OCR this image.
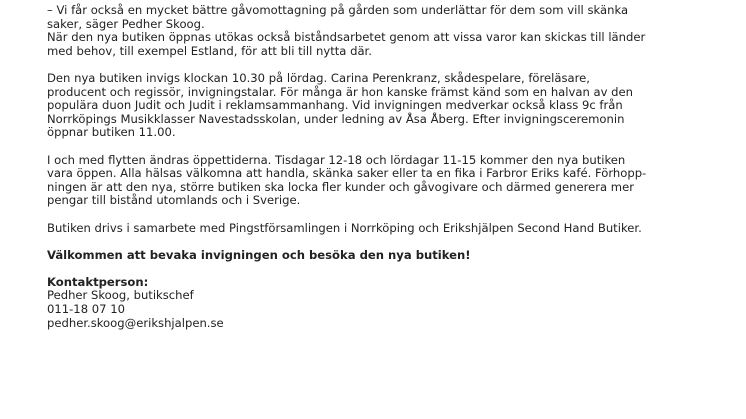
– Vi får också en mycket bättre gåvomottagning på gården som underlättar för dem som vill skänka saker, säger Pedher Skoog.

När den nya butiken öppnas utökas också biståndsarbetet genom att vissa varor kan skickas till länder med behov, till exempel Estland, för att bli till nytta där.

Den nya butiken invigs klockan 10.30 på lördag. Carina Perenkranz, skådespelare, föreläsare, producent och regissör, invigningstalar. För många är hon kanske främst känd som en halvan av den populära duon Judit och Judit i reklamsammanhang. Vid invigningen medverkar också klass 9c från Norrköpings Musikklasser Navestadsskolan, under ledning av Åsa Åberg. Efter invigningsceremonin öppnar butiken 11.00.

I och med flytten ändras öppettiderna. Tisdagar 12-18 och lördagar 11-15 kommer den nya butiken vara öppen. Alla hälsas välkomna att handla, skänka saker eller ta en fika i Farbror Eriks kafé. Förhopp-ningen är att den nya, större butiken ska locka fler kunder och gåvogivare och därmed generera mer pengar till bistånd utomlands och i Sverige.

Butiken drivs i samarbete med Pingstförsamlingen i Norrköping och Erikshjälpen Second Hand Butiker.

Välkommen att bevaka invigningen och besöka den nya butiken!

Kontaktperson:
Pedher Skoog, butikschef
011-18 07 10
pedher.skoog@erikshjalpen.se
